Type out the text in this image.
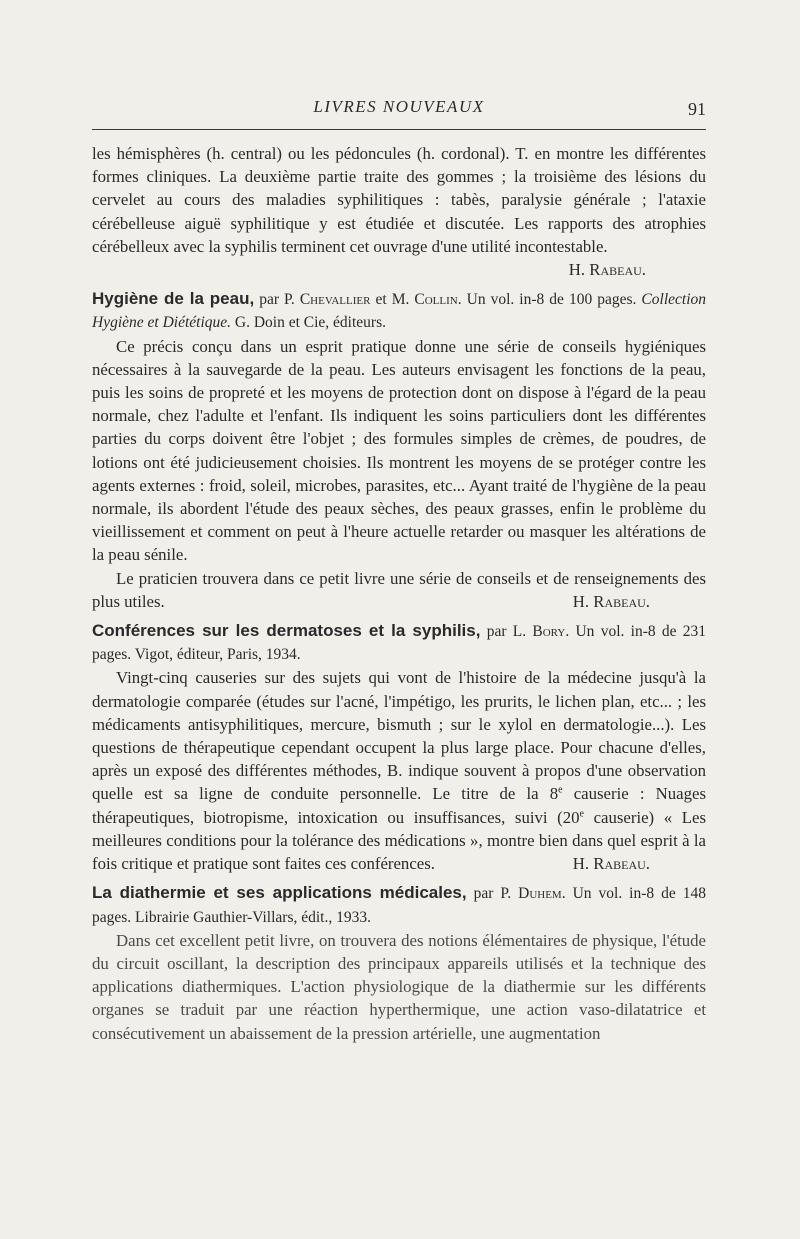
LIVRES NOUVEAUX	91

les hémisphères (h. central) ou les pédoncules (h. cordonal). T. en montre les différentes formes cliniques. La deuxième partie traite des gommes ; la troisième des lésions du cervelet au cours des maladies syphilitiques : tabès, paralysie générale ; l'ataxie cérébelleuse aiguë syphilitique y est étudiée et discutée. Les rapports des atrophies cérébelleux avec la syphilis terminent cet ouvrage d'une utilité incontestable.
H. Rabeau.

Hygiène de la peau, par P. Chevallier et M. Collin. Un vol. in-8 de 100 pages. Collection Hygiène et Diététique. G. Doin et Cie, éditeurs.

Ce précis conçu dans un esprit pratique donne une série de conseils hygiéniques nécessaires à la sauvegarde de la peau. Les auteurs envisagent les fonctions de la peau, puis les soins de propreté et les moyens de protection dont on dispose à l'égard de la peau normale, chez l'adulte et l'enfant. Ils indiquent les soins particuliers dont les différentes parties du corps doivent être l'objet ; des formules simples de crèmes, de poudres, de lotions ont été judicieusement choisies. Ils montrent les moyens de se protéger contre les agents externes : froid, soleil, microbes, parasites, etc... Ayant traité de l'hygiène de la peau normale, ils abordent l'étude des peaux sèches, des peaux grasses, enfin le problème du vieillissement et comment on peut à l'heure actuelle retarder ou masquer les altérations de la peau sénile.

Le praticien trouvera dans ce petit livre une série de conseils et de renseignements des plus utiles.	H. Rabeau.

Conférences sur les dermatoses et la syphilis, par L. Bory. Un vol. in-8 de 231 pages. Vigot, éditeur, Paris, 1934.

Vingt-cinq causeries sur des sujets qui vont de l'histoire de la médecine jusqu'à la dermatologie comparée (études sur l'acné, l'impétigo, les prurits, le lichen plan, etc... ; les médicaments antisyphilitiques, mercure, bismuth ; sur le xylol en dermatologie...). Les questions de thérapeutique cependant occupent la plus large place. Pour chacune d'elles, après un exposé des différentes méthodes, B. indique souvent à propos d'une observation quelle est sa ligne de conduite personnelle. Le titre de la 8e causerie : Nuages thérapeutiques, biotropisme, intoxication ou insuffisances, suivi (20e causerie) « Les meilleures conditions pour la tolérance des médications », montre bien dans quel esprit à la fois critique et pratique sont faites ces conférences.	H. Rabeau.

La diathermie et ses applications médicales, par P. Duhem. Un vol. in-8 de 148 pages. Librairie Gauthier-Villars, édit., 1933.

Dans cet excellent petit livre, on trouvera des notions élémentaires de physique, l'étude du circuit oscillant, la description des principaux appareils utilisés et la technique des applications diathermiques. L'action physiologique de la diathermie sur les différents organes se traduit par une réaction hyperthermique, une action vaso-dilatatrice et consécutivement un abaissement de la pression artérielle, une augmentation
